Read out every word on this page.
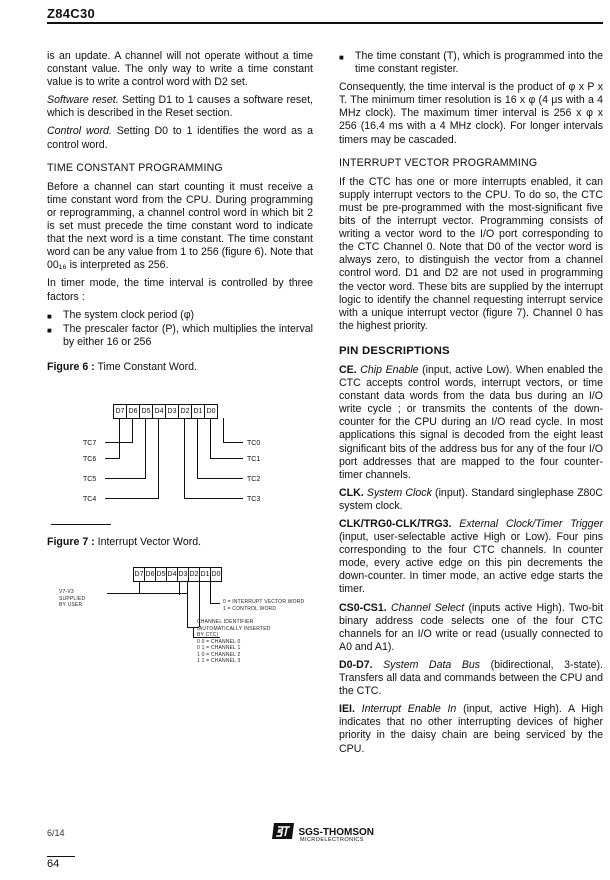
Z84C30

is an update. A channel will not operate without a time constant value. The only way to write a time constant value is to write a control word with D2 set.

Software reset. Setting D1 to 1 causes a software reset, which is described in the Reset section.

Control word. Setting D0 to 1 identifies the word as a control word.

TIME CONSTANT PROGRAMMING

Before a channel can start counting it must receive a time constant word from the CPU. During programming or reprogramming, a channel control word in which bit 2 is set must precede the time constant word to indicate that the next word is a time constant. The time constant word can be any value from 1 to 256 (figure 6). Note that 00₁₆ is interpreted as 256.

In timer mode, the time interval is controlled by three factors :

■	The system clock period (φ)
■	The prescaler factor (P), which multiplies the interval by either 16 or 256
Figure 6 : Time Constant Word.
D7 D6 D5 D4 D3 D2 D1 D0
TC7
TC6
TC5
TC4
TC0
TC1
TC2
TC3
Figure 7 : Interrupt Vector Word.
D7 D6 D5 D4 D3 D2 D1 D0
V7-V3
SUPPLIED
BY USER	0 = INTERRUPT VECTOR WORD
1 = CONTROL WORD
CHANNEL IDENTIFIER
(AUTOMATICALLY INSERTED
BY CTC)
0 0 = CHANNEL 0
0 1 = CHANNEL 1
1 0 = CHANNEL 2
1 1 = CHANNEL 3
■	The time constant (T), which is programmed into the time constant register.

Consequently, the time interval is the product of φ x P x T. The minimum timer resolution is 16 x φ (4 μs with a 4 MHz clock). The maximum timer interval is 256 x φ x 256 (16.4 ms with a 4 MHz clock). For longer intervals timers may be cascaded.

INTERRUPT VECTOR PROGRAMMING

If the CTC has one or more interrupts enabled, it can supply interrupt vectors to the CPU. To do so, the CTC must be pre-programmed with the most-significant five bits of the interrupt vector. Programming consists of writing a vector word to the I/O port corresponding to the CTC Channel 0. Note that D0 of the vector word is always zero, to distinguish the vector from a channel control word. D1 and D2 are not used in programming the vector word. These bits are supplied by the interrupt logic to identify the channel requesting interrupt service with a unique interrupt vector (figure 7). Channel 0 has the highest priority.

PIN DESCRIPTIONS

CE. Chip Enable (input, active Low). When enabled the CTC accepts control words, interrupt vectors, or time constant data words from the data bus during an I/O write cycle ; or transmits the contents of the down-counter for the CPU during an I/O read cycle. In most applications this signal is decoded from the eight least significant bits of the address bus for any of the four I/O port addresses that are mapped to the four counter-timer channels.

CLK. System Clock (input). Standard singlephase Z80C system clock.

CLK/TRG0-CLK/TRG3. External Clock/Timer Trigger (input, user-selectable active High or Low). Four pins corresponding to the four CTC channels. In counter mode, every active edge on this pin decrements the down-counter. In timer mode, an active edge starts the timer.

CS0-CS1. Channel Select (inputs active High). Two-bit binary address code selects one of the four CTC channels for an I/O write or read (usually connected to A0 and A1).

D0-D7. System Data Bus (bidirectional, 3-state). Transfers all data and commands between the CPU and the CTC.

IEI. Interrupt Enable In (input, active High). A High indicates that no other interrupting devices of higher priority in the daisy chain are being serviced by the CPU.

6/14	SGS-THOMSON
MICROELECTRONICS
64
